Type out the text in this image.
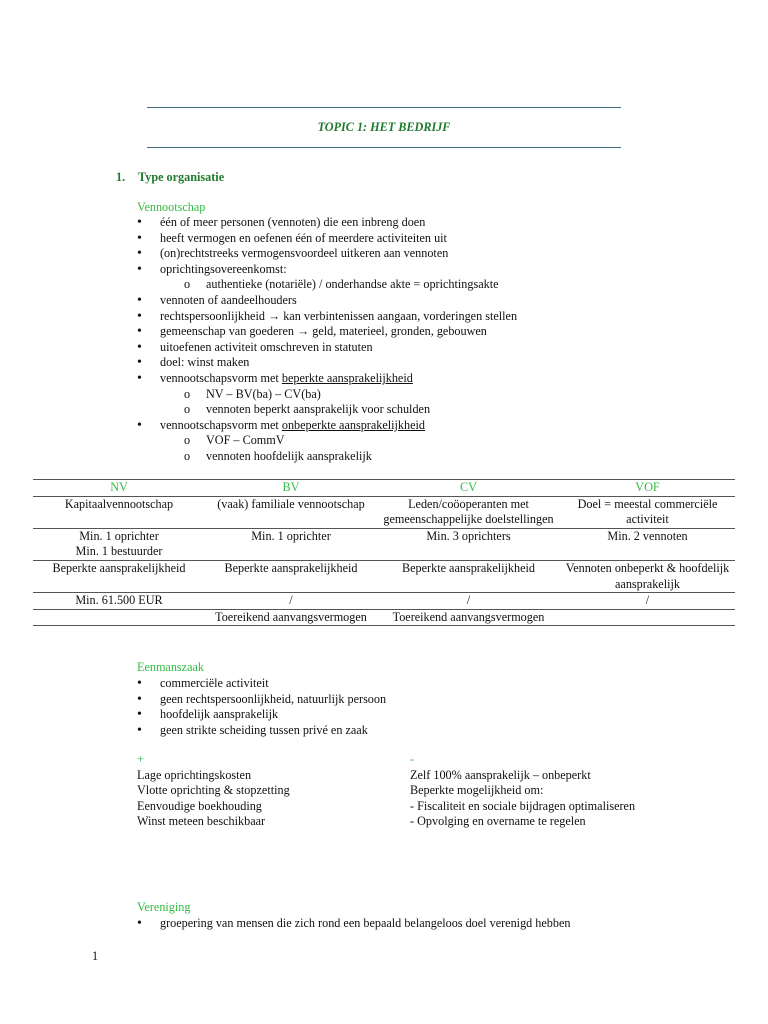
TOPIC 1: HET BEDRIJF
1. Type organisatie
Vennootschap
• één of meer personen (vennoten) die een inbreng doen
• heeft vermogen en oefenen één of meerdere activiteiten uit
• (on)rechtstreeks vermogensvoordeel uitkeren aan vennoten
• oprichtingsovereenkomst:
o authentieke (notariële) / onderhandse akte = oprichtingsakte
• vennoten of aandeelhouders
• rechtspersoonlijkheid → kan verbintenissen aangaan, vorderingen stellen
• gemeenschap van goederen → geld, materieel, gronden, gebouwen
• uitoefenen activiteit omschreven in statuten
• doel: winst maken
• vennootschapsvorm met beperkte aansprakelijkheid
o NV – BV(ba) – CV(ba)
o vennoten beperkt aansprakelijk voor schulden
• vennootschapsvorm met onbeperkte aansprakelijkheid
o VOF – CommV
o vennoten hoofdelijk aansprakelijk
NV	BV	CV	VOF
Kapitaalvennootschap	(vaak) familiale vennootschap	Leden/coöoperanten met gemeenschappelijke doelstellingen	Doel = meestal commerciële activiteit
Min. 1 oprichter
Min. 1 bestuurder	Min. 1 oprichter	Min. 3 oprichters	Min. 2 vennoten
Beperkte aansprakelijkheid	Beperkte aansprakelijkheid	Beperkte aansprakelijkheid	Vennoten onbeperkt & hoofdelijk aansprakelijk
Min. 61.500 EUR	/	/	/
	Toereikend aanvangsvermogen	Toereikend aanvangsvermogen	
Eenmanszaak
• commerciële activiteit
• geen rechtspersoonlijkheid, natuurlijk persoon
• hoofdelijk aansprakelijk
• geen strikte scheiding tussen privé en zaak
+
Lage oprichtingskosten
Vlotte oprichting & stopzetting
Eenvoudige boekhouding
Winst meteen beschikbaar
-
Zelf 100% aansprakelijk – onbeperkt
Beperkte mogelijkheid om:
- Fiscaliteit en sociale bijdragen optimaliseren
- Opvolging en overname te regelen
Vereniging
• groepering van mensen die zich rond een bepaald belangeloos doel verenigd hebben
1
